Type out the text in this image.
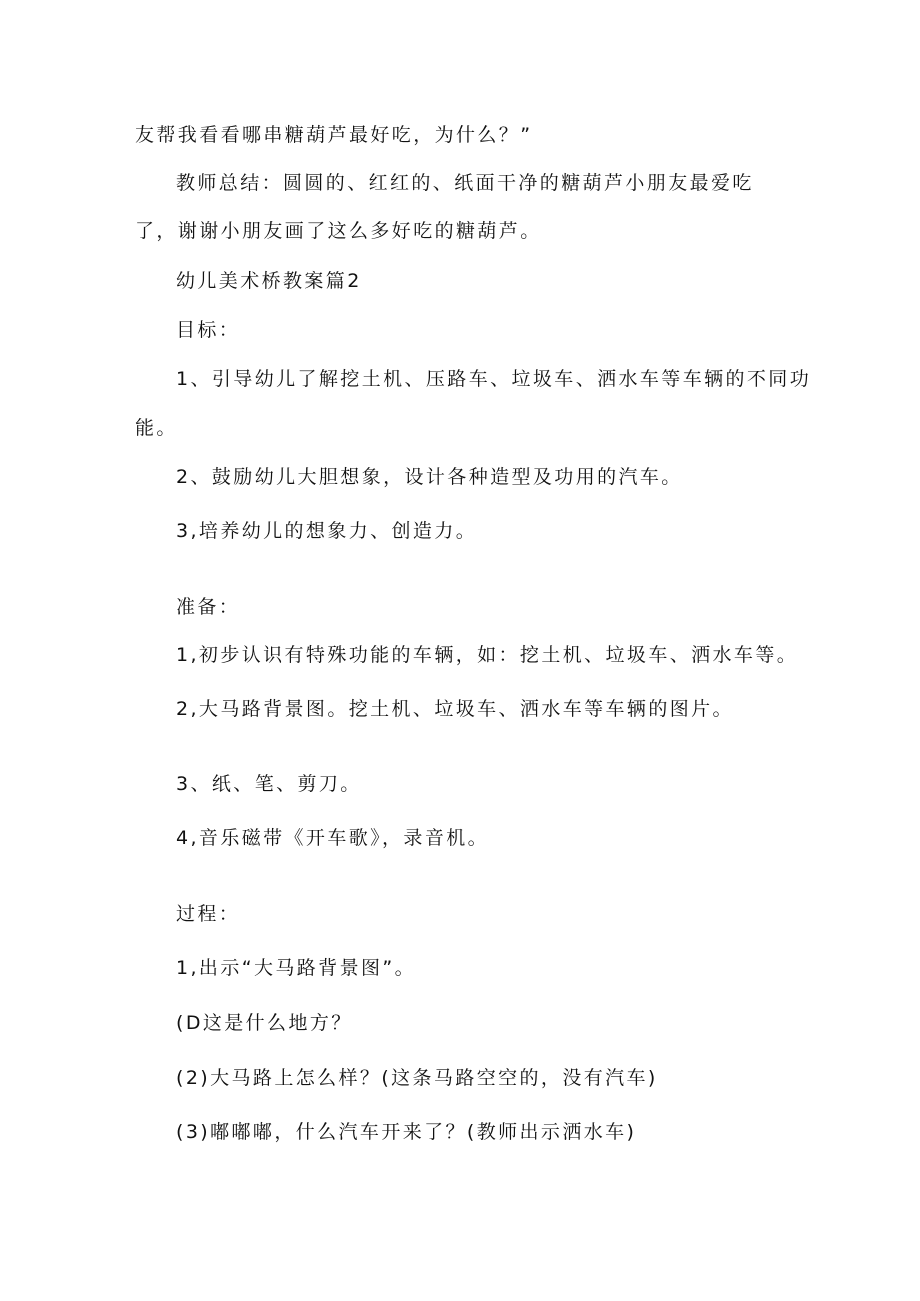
友帮我看看哪串糖葫芦最好吃，为什么？”

教师总结：圆圆的、红红的、纸面干净的糖葫芦小朋友最爱吃

了，谢谢小朋友画了这么多好吃的糖葫芦。

幼儿美术桥教案篇2

目标：

1、引导幼儿了解挖土机、压路车、垃圾车、洒水车等车辆的不同功

能。

2、鼓励幼儿大胆想象，设计各种造型及功用的汽车。

3,培养幼儿的想象力、创造力。

准备：

1,初步认识有特殊功能的车辆，如：挖土机、垃圾车、洒水车等。

2,大马路背景图。挖土机、垃圾车、洒水车等车辆的图片。

3、纸、笔、剪刀。

4,音乐磁带《开车歌》，录音机。

过程：

1,出示“大马路背景图”。

(D这是什么地方？

(2)大马路上怎么样？(这条马路空空的，没有汽车)

(3)嘟嘟嘟，什么汽车开来了？(教师出示洒水车)
